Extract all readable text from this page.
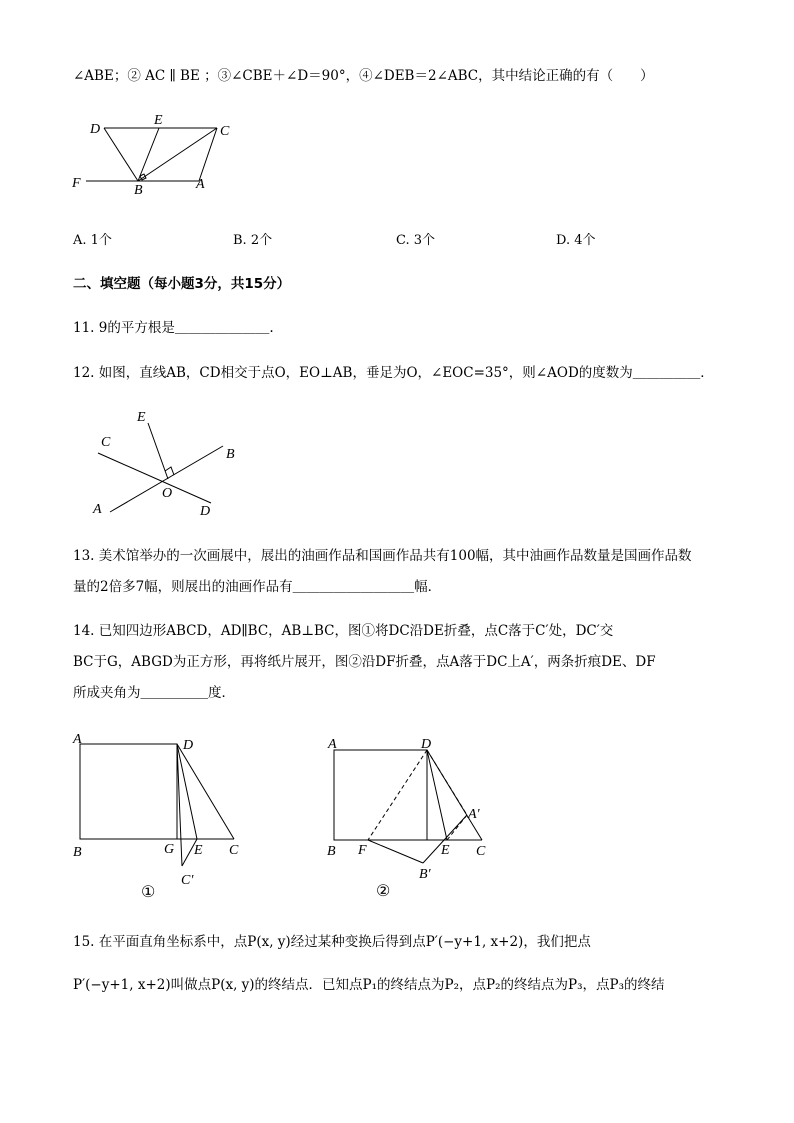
∠ABE；② AC ∥ BE ；③∠CBE＋∠D＝90°，④∠DEB＝2∠ABC，其中结论正确的有（　　）
D
E
C
F	B	A
A. 1个	B. 2个	C. 3个	D. 4个
二、填空题（每小题3分，共15分）
11. 9的平方根是＿＿＿＿＿＿＿.
12. 如图，直线AB，CD相交于点O，EO⊥AB，垂足为O，∠EOC=35°，则∠AOD的度数为＿＿＿＿＿．
E
C
B
O
A	D
13. 美术馆举办的一次画展中，展出的油画作品和国画作品共有100幅，其中油画作品数量是国画作品数
量的2倍多7幅，则展出的油画作品有＿＿＿＿＿＿＿＿＿幅．
14. 已知四边形ABCD，AD∥BC，AB⊥BC，图①将DC沿DE折叠，点C落于C′处，DC′交
BC于G，ABGD为正方形，再将纸片展开，图②沿DF折叠，点A落于DC上A′，两条折痕DE、DF
所成夹角为＿＿＿＿＿度．
A	D
B	G E C
C′
①
A	D
A′
B F	E C
B′
②
15. 在平面直角坐标系中，点P(x, y)经过某种变换后得到点P′(−y+1, x+2)，我们把点
P′(−y+1, x+2)叫做点P(x, y)的终结点．已知点P₁的终结点为P₂，点P₂的终结点为P₃，点P₃的终结
